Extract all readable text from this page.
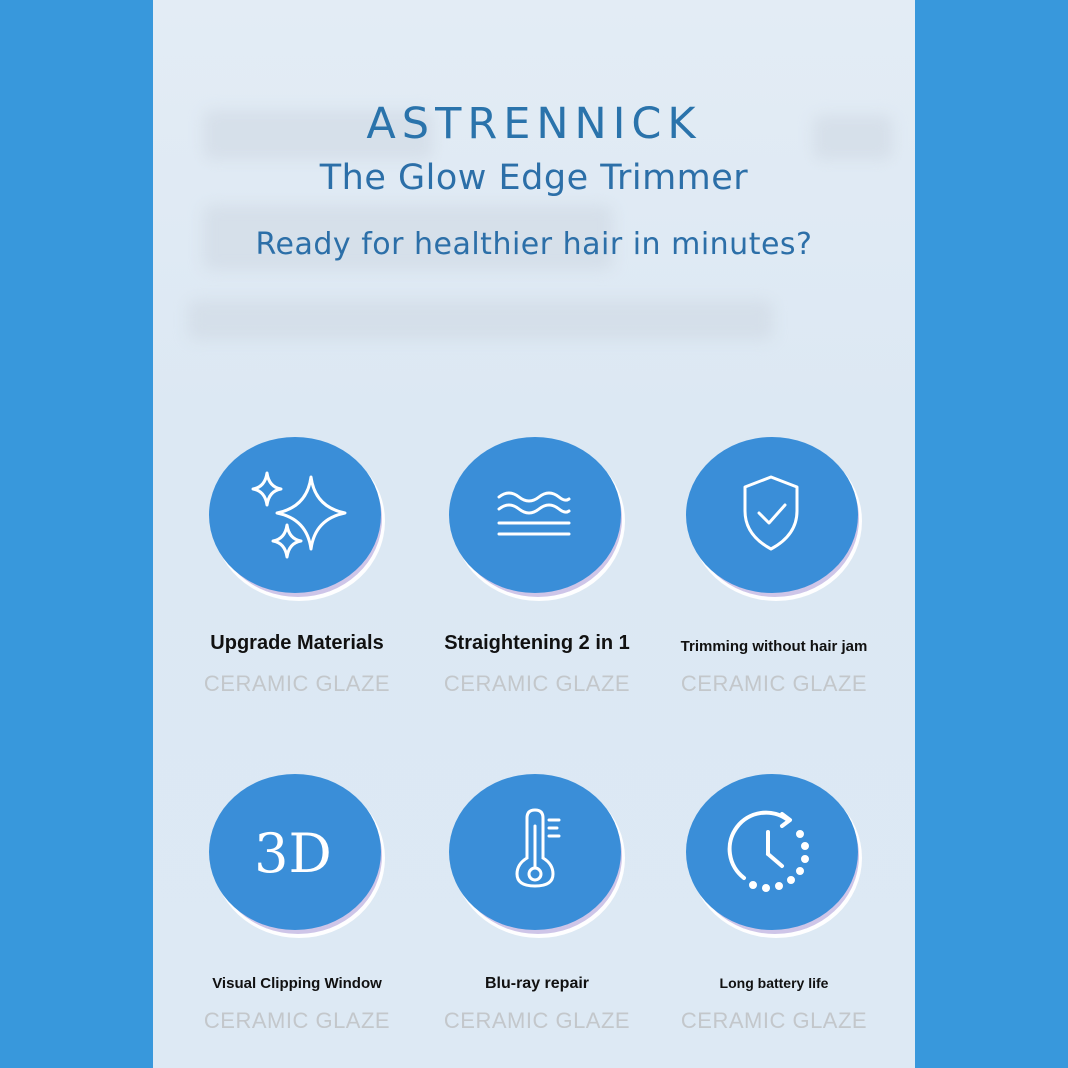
ASTRENNICK
The Glow Edge Trimmer
Ready for healthier hair in minutes?
Upgrade Materials
CERAMIC GLAZE
Straightening 2 in 1
CERAMIC GLAZE
Trimming without hair jam
CERAMIC GLAZE
3D
Visual Clipping Window
CERAMIC GLAZE
Blu-ray repair
CERAMIC GLAZE
Long battery life
CERAMIC GLAZE
